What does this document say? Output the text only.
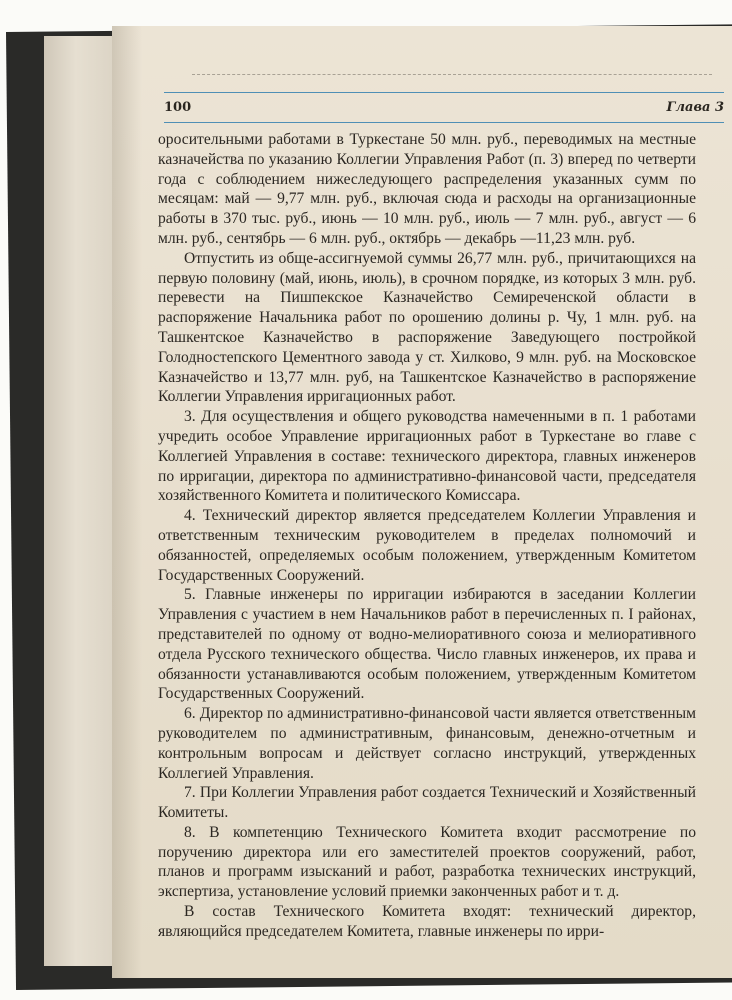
100	Глава 3

оросительными работами в Туркестане 50 млн. руб., переводимых на местные казначейства по указанию Коллегии Управления Работ (п. 3) вперед по четверти года с соблюдением нижеследующего распределения указанных сумм по месяцам: май — 9,77 млн. руб., включая сюда и расходы на организационные работы в 370 тыс. руб., июнь — 10 млн. руб., июль — 7 млн. руб., август — 6 млн. руб., сентябрь — 6 млн. руб., октябрь — декабрь —11,23 млн. руб.

Отпустить из обще-ассигнуемой суммы 26,77 млн. руб., причитающихся на первую половину (май, июнь, июль), в срочном порядке, из которых 3 млн. руб. перевести на Пишпекское Казначейство Семиреченской области в распоряжение Начальника работ по орошению долины р. Чу, 1 млн. руб. на Ташкентское Казначейство в распоряжение Заведующего постройкой Голодностепского Цементного завода у ст. Хилково, 9 млн. руб. на Московское Казначейство и 13,77 млн. руб, на Ташкентское Казначейство в распоряжение Коллегии Управления ирригационных работ.

3. Для осуществления и общего руководства намеченными в п. 1 работами учредить особое Управление ирригационных работ в Туркестане во главе с Коллегией Управления в составе: технического директора, главных инженеров по ирригации, директора по административно-финансовой части, председателя хозяйственного Комитета и политического Комиссара.

4. Технический директор является председателем Коллегии Управления и ответственным техническим руководителем в пределах полномочий и обязанностей, определяемых особым положением, утвержденным Комитетом Государственных Сооружений.

5. Главные инженеры по ирригации избираются в заседании Коллегии Управления с участием в нем Начальников работ в перечисленных п. I районах, представителей по одному от водно-мелиоративного союза и мелиоративного отдела Русского технического общества. Число главных инженеров, их права и обязанности устанавливаются особым положением, утвержденным Комитетом Государственных Сооружений.

6. Директор по административно-финансовой части является ответственным руководителем по административным, финансовым, денежно-отчетным и контрольным вопросам и действует согласно инструкций, утвержденных Коллегией Управления.

7. При Коллегии Управления работ создается Технический и Хозяйственный Комитеты.

8. В компетенцию Технического Комитета входит рассмотрение по поручению директора или его заместителей проектов сооружений, работ, планов и программ изысканий и работ, разработка технических инструкций, экспертиза, установление условий приемки законченных работ и т. д.

В состав Технического Комитета входят: технический директор, являющийся председателем Комитета, главные инженеры по ирри-
